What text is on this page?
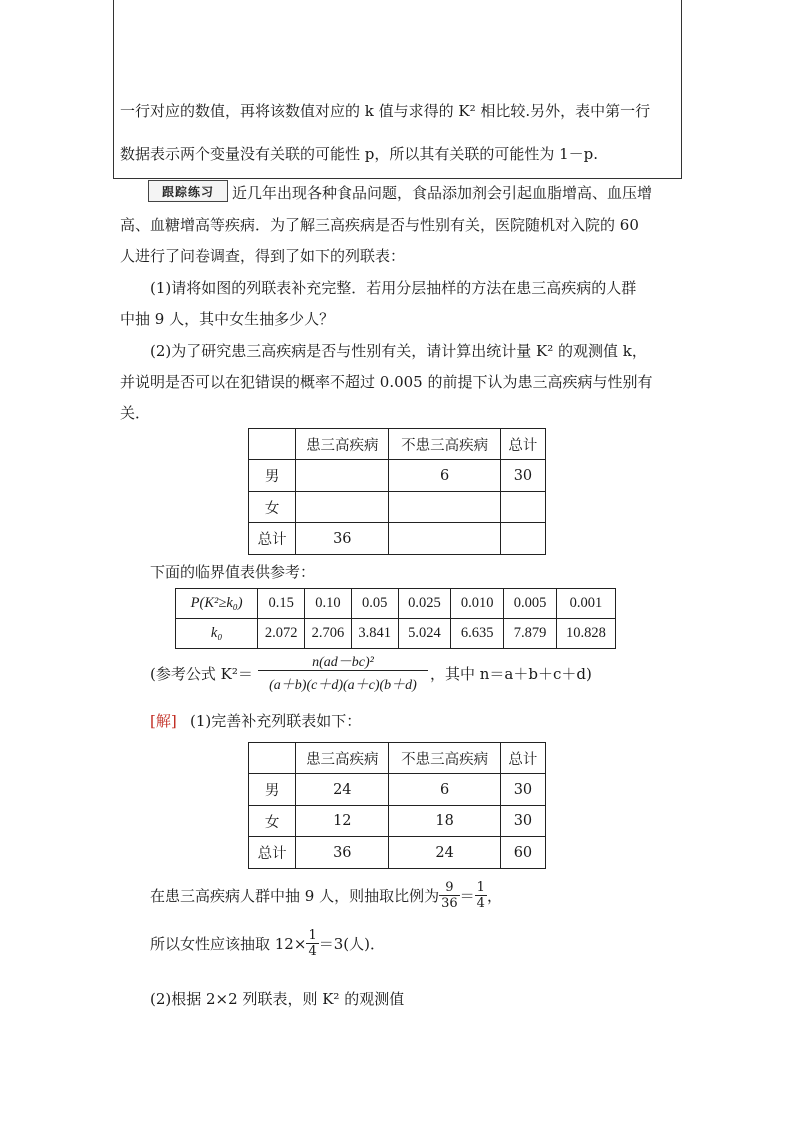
一行对应的数值，再将该数值对应的 k 值与求得的 K² 相比较.另外，表中第一行
数据表示两个变量没有关联的可能性 p，所以其有关联的可能性为 1－p.
跟踪练习	近几年出现各种食品问题，食品添加剂会引起血脂增高、血压增
高、血糖增高等疾病．为了解三高疾病是否与性别有关，医院随机对入院的 60
人进行了问卷调查，得到了如下的列联表：
(1)请将如图的列联表补充完整．若用分层抽样的方法在患三高疾病的人群
中抽 9 人，其中女生抽多少人？
(2)为了研究患三高疾病是否与性别有关，请计算出统计量 K² 的观测值 k，
并说明是否可以在犯错误的概率不超过 0.005 的前提下认为患三高疾病与性别有
关．
	患三高疾病	不患三高疾病	总计
男		6	30
女			
总计	36		
下面的临界值表供参考：
P(K²≥k₀)	0.15	0.10	0.05	0.025	0.010	0.005	0.001
k₀	2.072	2.706	3.841	5.024	6.635	7.879	10.828
(参考公式 K²＝
n(ad－bc)²
(a＋b)(c＋d)(a＋c)(b＋d)
，其中 n＝a＋b＋c＋d)
[解] (1)完善补充列联表如下：
	患三高疾病	不患三高疾病	总计
男	24	6	30
女	12	18	30
总计	36	24	60
在患三高疾病人群中抽 9 人，则抽取比例为 $\frac{9}{36} = \frac{1}{4}$ ，
所以女性应该抽取 $12\times \frac{1}{4} =3$(人)．
(2)根据 2×2 列联表，则 K² 的观测值
